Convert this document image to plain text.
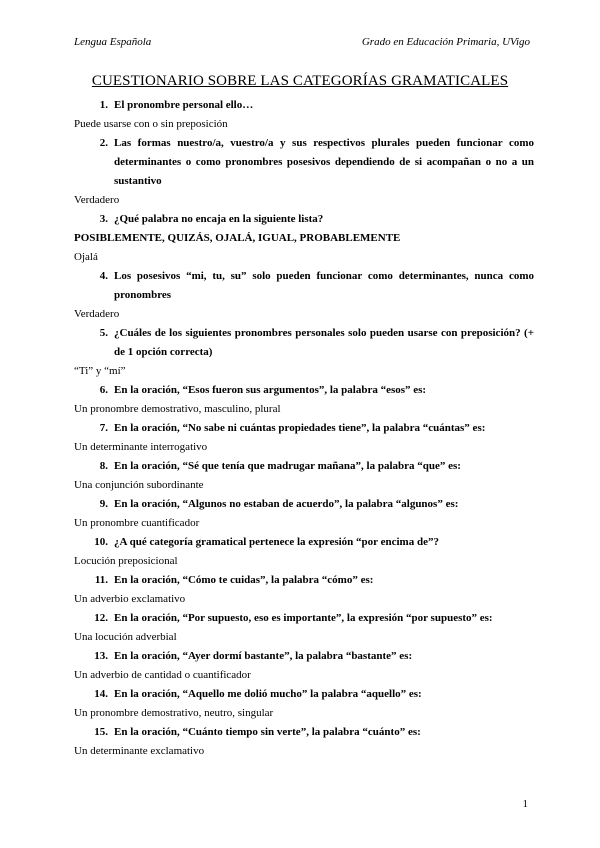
Lengua Española	Grado en Educación Primaria, UVigo
CUESTIONARIO SOBRE LAS CATEGORÍAS GRAMATICALES
1. El pronombre personal ello…
Puede usarse con o sin preposición
2. Las formas nuestro/a, vuestro/a y sus respectivos plurales pueden funcionar como determinantes o como pronombres posesivos dependiendo de si acompañan o no a un sustantivo
Verdadero
3. ¿Qué palabra no encaja en la siguiente lista?
POSIBLEMENTE, QUIZÁS, OJALÁ, IGUAL, PROBABLEMENTE
Ojalá
4. Los posesivos “mi, tu, su” solo pueden funcionar como determinantes, nunca como pronombres
Verdadero
5. ¿Cuáles de los siguientes pronombres personales solo pueden usarse con preposición? (+ de 1 opción correcta)
“Ti” y “mí”
6. En la oración, “Esos fueron sus argumentos”, la palabra “esos” es:
Un pronombre demostrativo, masculino, plural
7. En la oración, “No sabe ni cuántas propiedades tiene”, la palabra “cuántas” es:
Un determinante interrogativo
8. En la oración, “Sé que tenía que madrugar mañana”, la palabra “que” es:
Una conjunción subordinante
9. En la oración, “Algunos no estaban de acuerdo”, la palabra “algunos” es:
Un pronombre cuantificador
10. ¿A qué categoría gramatical pertenece la expresión “por encima de”?
Locución preposicional
11. En la oración, “Cómo te cuidas”, la palabra “cómo” es:
Un adverbio exclamativo
12. En la oración, “Por supuesto, eso es importante”, la expresión “por supuesto” es:
Una locución adverbial
13. En la oración, “Ayer dormí bastante”, la palabra “bastante” es:
Un adverbio de cantidad o cuantificador
14. En la oración, “Aquello me dolió mucho” la palabra “aquello” es:
Un pronombre demostrativo, neutro, singular
15. En la oración, “Cuánto tiempo sin verte”, la palabra “cuánto” es:
Un determinante exclamativo
1
